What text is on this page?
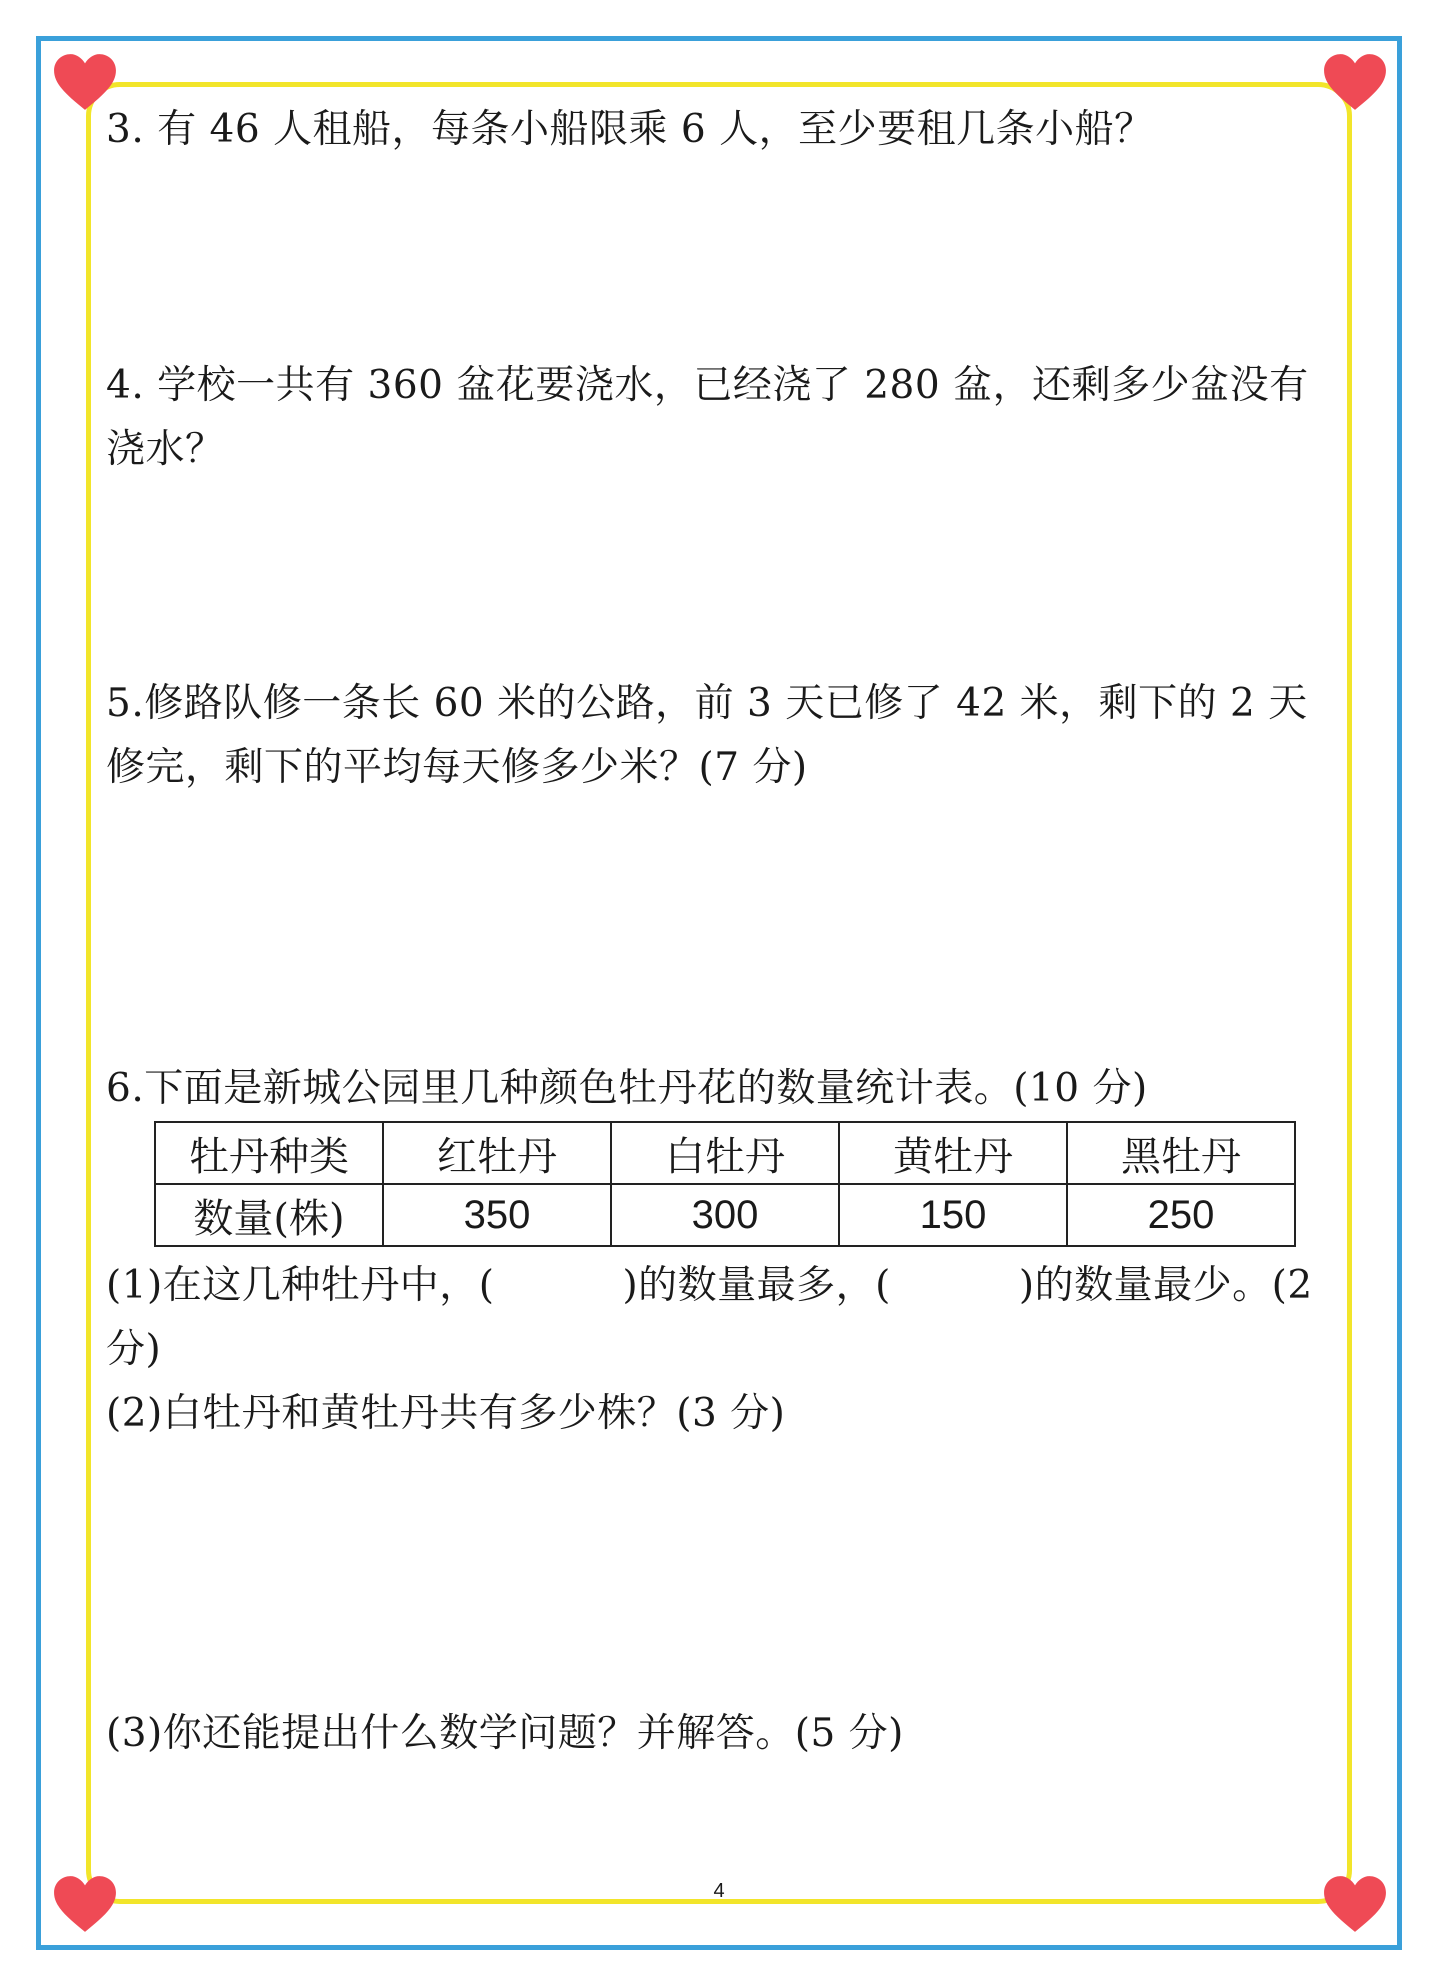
3. 有 46 人租船，每条小船限乘 6 人，至少要租几条小船？
4. 学校一共有 360 盆花要浇水，已经浇了 280 盆，还剩多少盆没有浇水？
5.修路队修一条长 60 米的公路，前 3 天已修了 42 米，剩下的 2 天修完，剩下的平均每天修多少米？(7 分)
6.下面是新城公园里几种颜色牡丹花的数量统计表。(10 分)
牡丹种类	红牡丹	白牡丹	黄牡丹	黑牡丹
数量(株)	350	300	150	250
(1)在这几种牡丹中，(	)的数量最多，(	)的数量最少。(2 分)
(2)白牡丹和黄牡丹共有多少株？(3 分)
(3)你还能提出什么数学问题？并解答。(5 分)
4
